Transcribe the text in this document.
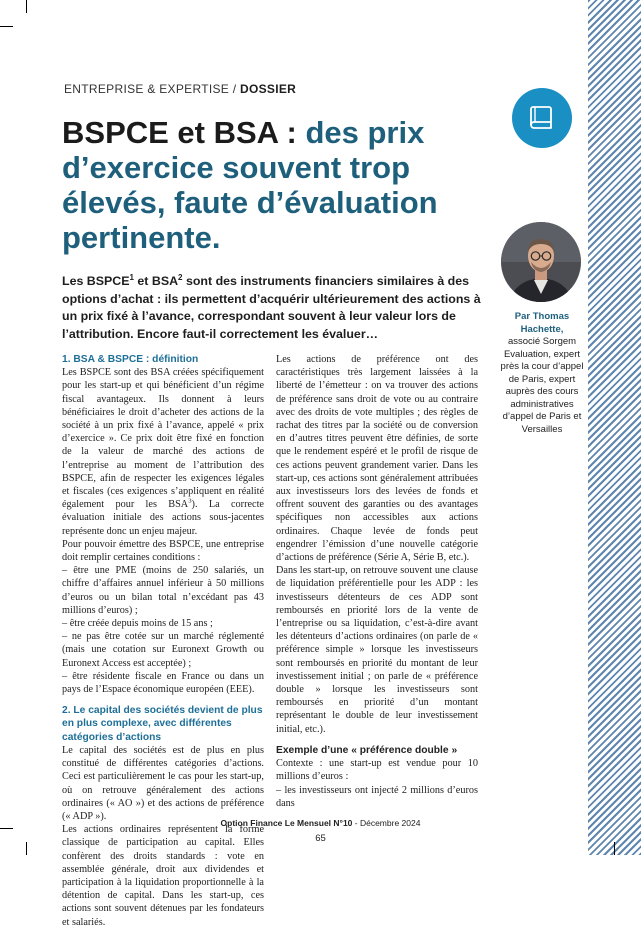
ENTREPRISE & EXPERTISE / DOSSIER
BSPCE et BSA : des prix d’exercice souvent trop élevés, faute d’évaluation pertinente.
Par Thomas Hachette,
associé Sorgem Evaluation, expert près la cour d’appel de Paris, expert auprès des cours administratives d’appel de Paris et Versailles

Les BSPCE$^1$ et BSA$^2$ sont des instruments financiers similaires à des options d’achat : ils permettent d’acquérir ultérieurement des actions à un prix fixé à l’avance, correspondant souvent à leur valeur lors de l’attribution. Encore faut-il correctement les évaluer…

1. BSA & BSPCE : définition

Les BSPCE sont des BSA créées spécifiquement pour les start-up et qui bénéficient d’un régime fiscal avantageux. Ils donnent à leurs bénéficiaires le droit d’acheter des actions de la société à un prix fixé à l’avance, appelé « prix d’exercice ». Ce prix doit être fixé en fonction de la valeur de marché des actions de l’entreprise au moment de l’attribution des BSPCE, afin de respecter les exigences légales et fiscales (ces exigences s’appliquent en réalité également pour les BSA$^3$). La correcte évaluation initiale des actions sous-jacentes représente donc un enjeu majeur.

Pour pouvoir émettre des BSPCE, une entreprise doit remplir certaines conditions :

– être une PME (moins de 250 salariés, un chiffre d’affaires annuel inférieur à 50 millions d’euros ou un bilan total n’excédant pas 43 millions d’euros) ;

– être créée depuis moins de 15 ans ;

– ne pas être cotée sur un marché réglementé (mais une cotation sur Euronext Growth ou Euronext Access est acceptée) ;

– être résidente fiscale en France ou dans un pays de l’Espace économique européen (EEE).

2. Le capital des sociétés devient de plus en plus complexe, avec différentes catégories d’actions

Le capital des sociétés est de plus en plus constitué de différentes catégories d’actions. Ceci est particulièrement le cas pour les start-up, où on retrouve généralement des actions ordinaires (« AO ») et des actions de préférence (« ADP »).

Les actions ordinaires représentent la forme classique de participation au capital. Elles confèrent des droits standards : vote en assemblée générale, droit aux dividendes et participation à la liquidation proportionnelle à la détention de capital. Dans les start-up, ces actions sont souvent détenues par les fondateurs et salariés.

Les actions de préférence ont des caractéristiques très largement laissées à la liberté de l’émetteur : on va trouver des actions de préférence sans droit de vote ou au contraire avec des droits de vote multiples ; des règles de rachat des titres par la société ou de conversion en d’autres titres peuvent être définies, de sorte que le rendement espéré et le profil de risque de ces actions peuvent grandement varier. Dans les start-up, ces actions sont généralement attribuées aux investisseurs lors des levées de fonds et offrent souvent des garanties ou des avantages spécifiques non accessibles aux actions ordinaires. Chaque levée de fonds peut engendrer l’émission d’une nouvelle catégorie d’actions de préférence (Série A, Série B, etc.).

Dans les start-up, on retrouve souvent une clause de liquidation préférentielle pour les ADP : les investisseurs détenteurs de ces ADP sont remboursés en priorité lors de la vente de l’entreprise ou sa liquidation, c’est-à-dire avant les détenteurs d’actions ordinaires (on parle de « préférence simple » lorsque les investisseurs sont remboursés en priorité du montant de leur investissement initial ; on parle de « préférence double » lorsque les investisseurs sont remboursés en priorité d’un montant représentant le double de leur investissement initial, etc.).

Exemple d’une « préférence double »

Contexte : une start-up est vendue pour 10 millions d’euros :

– les investisseurs ont injecté 2 millions d’euros dans

Option Finance Le Mensuel N°10 - Décembre 2024
65
